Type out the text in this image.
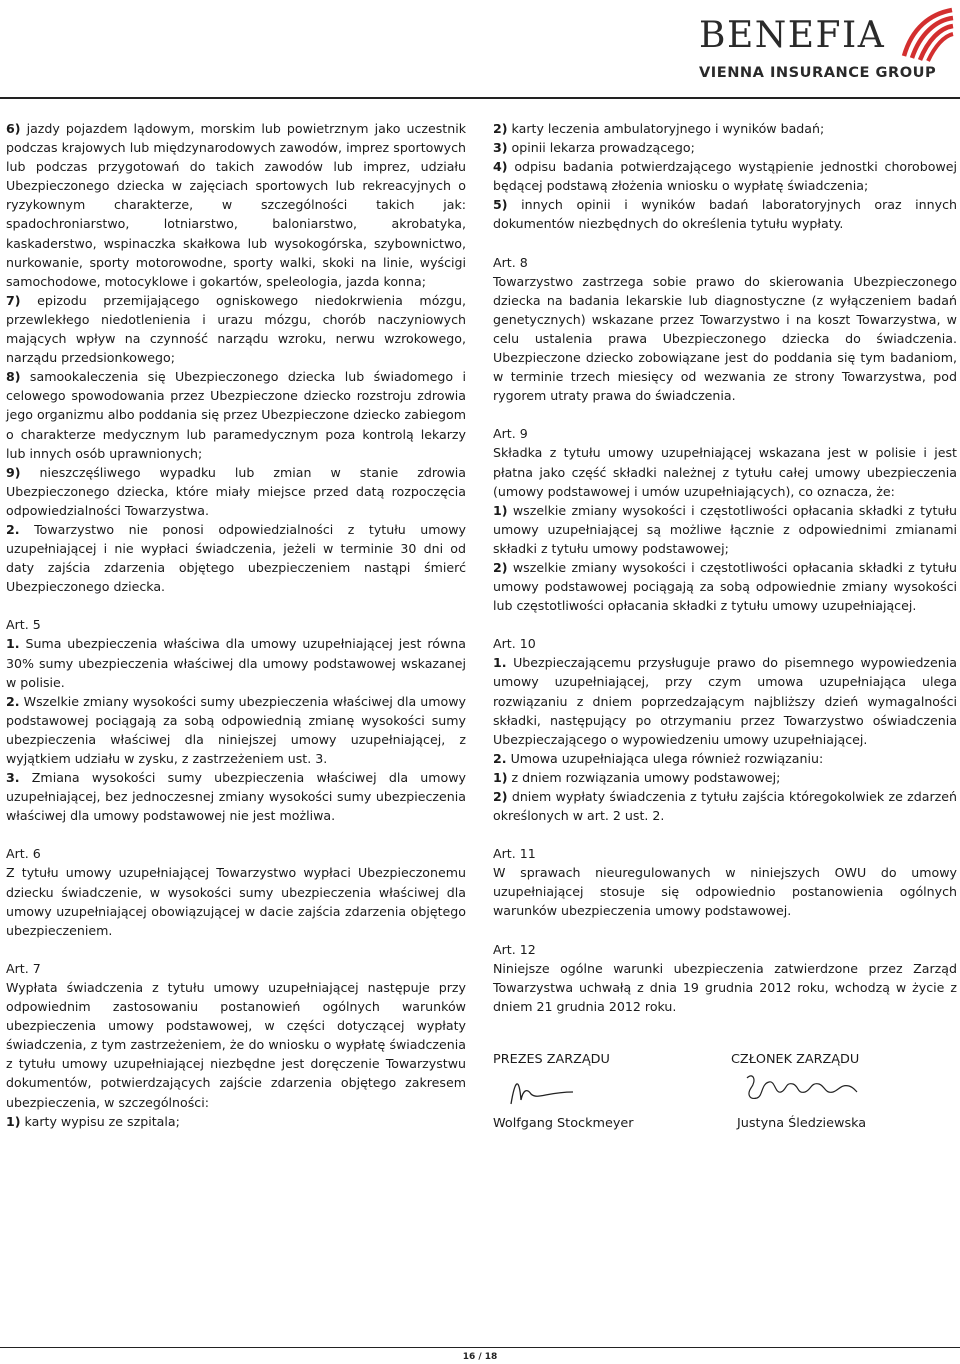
BENEFIA
VIENNA INSURANCE GROUP

6) jazdy pojazdem lądowym, morskim lub powietrznym jako uczestnik podczas krajowych lub międzynarodowych zawodów, imprez sportowych lub podczas przygotowań do takich zawodów lub imprez, udziału Ubezpieczonego dziecka w zajęciach sportowych lub rekreacyjnych o ryzykownym charakterze, w szczególności takich jak: spadochroniarstwo, lotniarstwo, baloniarstwo, akrobatyka, kaskaderstwo, wspinaczka skałkowa lub wysokogórska, szybownictwo, nurkowanie, sporty motorowodne, sporty walki, skoki na linie, wyścigi samochodowe, motocyklowe i gokartów, speleologia, jazda konna;

7) epizodu przemijającego ogniskowego niedokrwienia mózgu, przewlekłego niedotlenienia i urazu mózgu, chorób naczyniowych mających wpływ na czynność narządu wzroku, nerwu wzrokowego, narządu przedsionkowego;

8) samookaleczenia się Ubezpieczonego dziecka lub świadomego i celowego spowodowania przez Ubezpieczone dziecko rozstroju zdrowia jego organizmu albo poddania się przez Ubezpieczone dziecko zabiegom o charakterze medycznym lub paramedycznym poza kontrolą lekarzy lub innych osób uprawnionych;

9) nieszczęśliwego wypadku lub zmian w stanie zdrowia Ubezpieczonego dziecka, które miały miejsce przed datą rozpoczęcia odpowiedzialności Towarzystwa.

2. Towarzystwo nie ponosi odpowiedzialności z tytułu umowy uzupełniającej i nie wypłaci świadczenia, jeżeli w terminie 30 dni od daty zajścia zdarzenia objętego ubezpieczeniem nastąpi śmierć Ubezpieczonego dziecka.

Art. 5

1. Suma ubezpieczenia właściwa dla umowy uzupełniającej jest równa 30% sumy ubezpieczenia właściwej dla umowy podstawowej wskazanej w polisie.

2. Wszelkie zmiany wysokości sumy ubezpieczenia właściwej dla umowy podstawowej pociągają za sobą odpowiednią zmianę wysokości sumy ubezpieczenia właściwej dla niniejszej umowy uzupełniającej, z wyjątkiem udziału w zysku, z zastrzeżeniem ust. 3.

3. Zmiana wysokości sumy ubezpieczenia właściwej dla umowy uzupełniającej, bez jednoczesnej zmiany wysokości sumy ubezpieczenia właściwej dla umowy podstawowej nie jest możliwa.

Art. 6

Z tytułu umowy uzupełniającej Towarzystwo wypłaci Ubezpieczonemu dziecku świadczenie, w wysokości sumy ubezpieczenia właściwej dla umowy uzupełniającej obowiązującej w dacie zajścia zdarzenia objętego ubezpieczeniem.

Art. 7

Wypłata świadczenia z tytułu umowy uzupełniającej następuje przy odpowiednim zastosowaniu postanowień ogólnych warunków ubezpieczenia umowy podstawowej, w części dotyczącej wypłaty świadczenia, z tym zastrzeżeniem, że do wniosku o wypłatę świadczenia z tytułu umowy uzupełniającej niezbędne jest doręczenie Towarzystwu dokumentów, potwierdzających zajście zdarzenia objętego zakresem ubezpieczenia, w szczególności:

1) karty wypisu ze szpitala;

2) karty leczenia ambulatoryjnego i wyników badań;

3) opinii lekarza prowadzącego;

4) odpisu badania potwierdzającego wystąpienie jednostki chorobowej będącej podstawą złożenia wniosku o wypłatę świadczenia;

5) innych opinii i wyników badań laboratoryjnych oraz innych dokumentów niezbędnych do określenia tytułu wypłaty.

Art. 8

Towarzystwo zastrzega sobie prawo do skierowania Ubezpieczonego dziecka na badania lekarskie lub diagnostyczne (z wyłączeniem badań genetycznych) wskazane przez Towarzystwo i na koszt Towarzystwa, w celu ustalenia prawa Ubezpieczonego dziecka do świadczenia. Ubezpieczone dziecko zobowiązane jest do poddania się tym badaniom, w terminie trzech miesięcy od wezwania ze strony Towarzystwa, pod rygorem utraty prawa do świadczenia.

Art. 9

Składka z tytułu umowy uzupełniającej wskazana jest w polisie i jest płatna jako część składki należnej z tytułu całej umowy ubezpieczenia (umowy podstawowej i umów uzupełniających), co oznacza, że:

1) wszelkie zmiany wysokości i częstotliwości opłacania składki z tytułu umowy uzupełniającej są możliwe łącznie z odpowiednimi zmianami składki z tytułu umowy podstawowej;

2) wszelkie zmiany wysokości i częstotliwości opłacania składki z tytułu umowy podstawowej pociągają za sobą odpowiednie zmiany wysokości lub częstotliwości opłacania składki z tytułu umowy uzupełniającej.

Art. 10

1. Ubezpieczającemu przysługuje prawo do pisemnego wypowiedzenia umowy uzupełniającej, przy czym umowa uzupełniająca ulega rozwiązaniu z dniem poprzedzającym najbliższy dzień wymagalności składki, następujący po otrzymaniu przez Towarzystwo oświadczenia Ubezpieczającego o wypowiedzeniu umowy uzupełniającej.

2. Umowa uzupełniająca ulega również rozwiązaniu:

1) z dniem rozwiązania umowy podstawowej;

2) dniem wypłaty świadczenia z tytułu zajścia któregokolwiek ze zdarzeń określonych w art. 2 ust. 2.

Art. 11

W sprawach nieuregulowanych w niniejszych OWU do umowy uzupełniającej stosuje się odpowiednio postanowienia ogólnych warunków ubezpieczenia umowy podstawowej.

Art. 12

Niniejsze ogólne warunki ubezpieczenia zatwierdzone przez Zarząd Towarzystwa uchwałą z dnia 19 grudnia 2012 roku, wchodzą w życie z dniem 21 grudnia 2012 roku.

PREZES ZARZĄDU
Wolfgang Stockmeyer
CZŁONEK ZARZĄDU
Justyna Śledziewska
16 / 18
